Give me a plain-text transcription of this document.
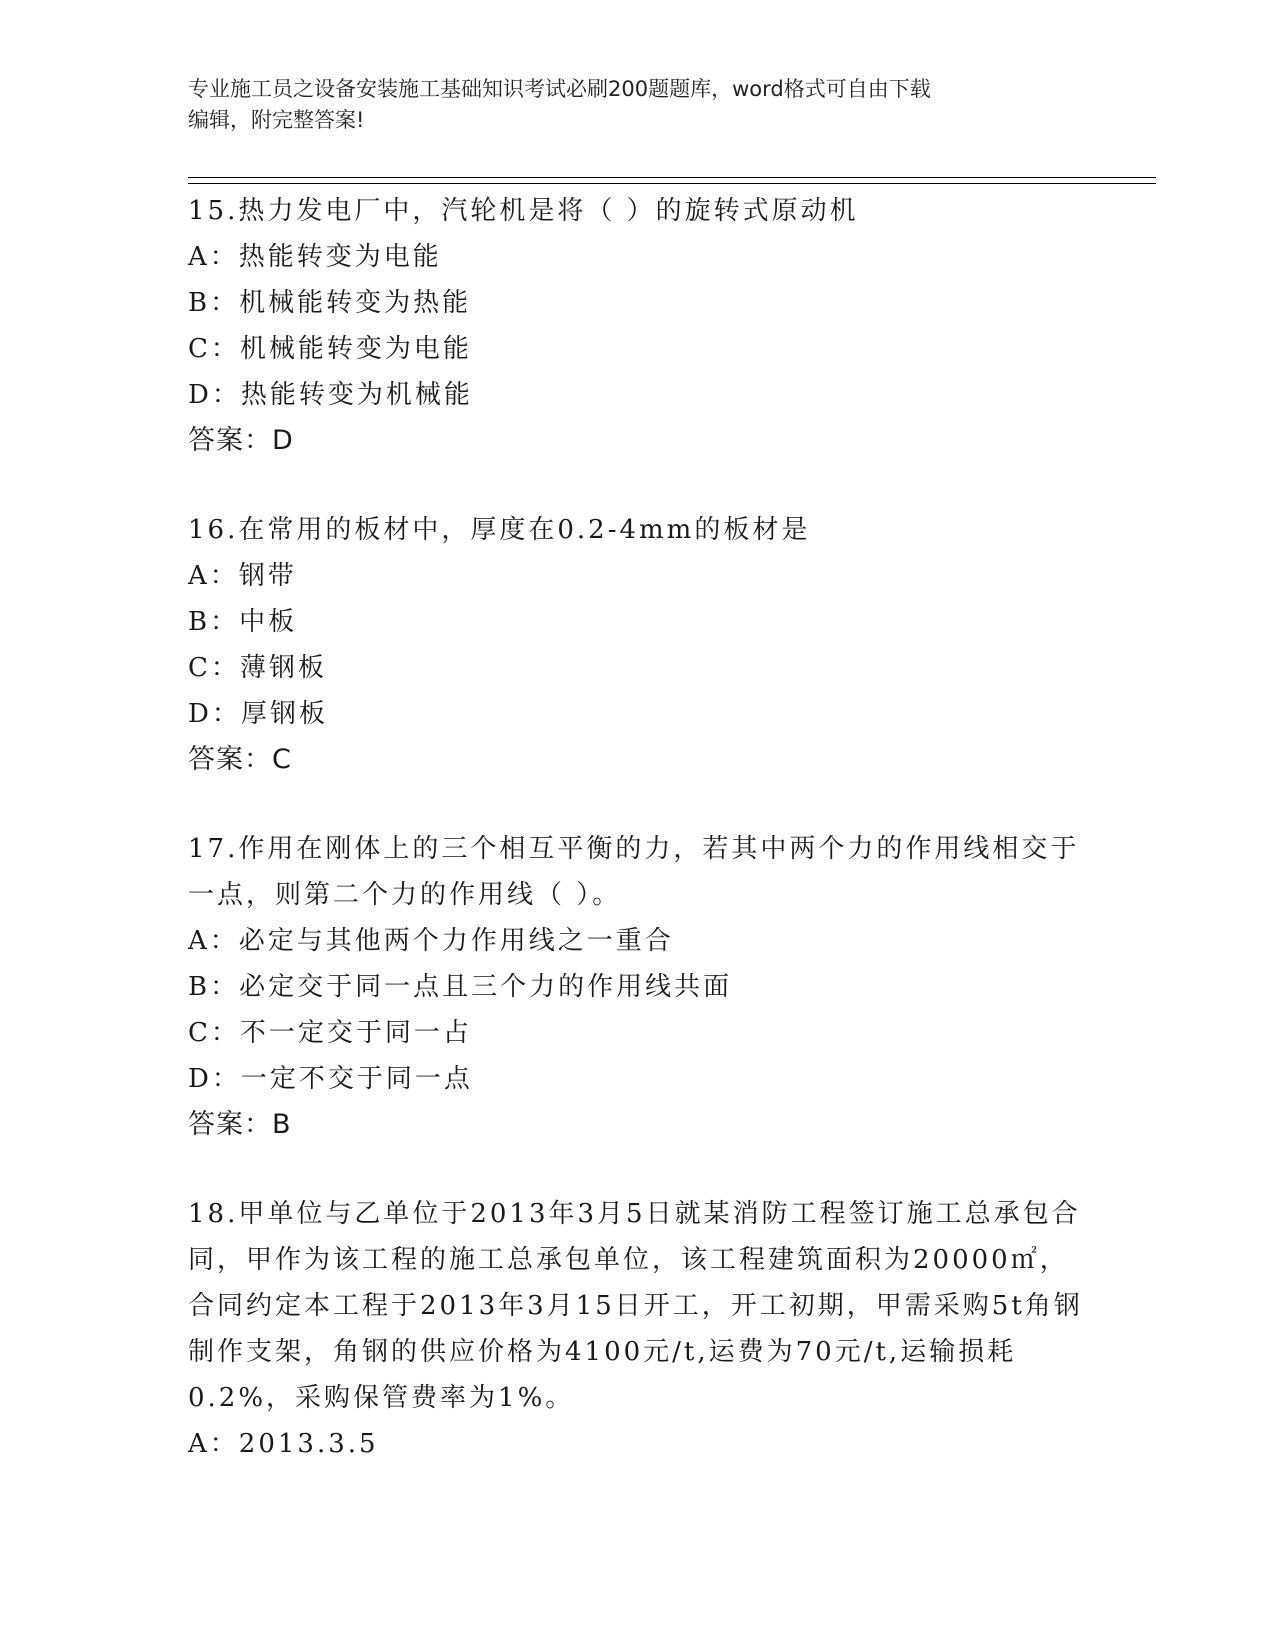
专业施工员之设备安装施工基础知识考试必刷200题题库，word格式可自由下载
编辑，附完整答案!
15.热力发电厂中，汽轮机是将（ ）的旋转式原动机
A：热能转变为电能
B：机械能转变为热能
C：机械能转变为电能
D：热能转变为机械能
答案：D
16.在常用的板材中，厚度在0.2-4mm的板材是
A：钢带
B：中板
C：薄钢板
D：厚钢板
答案：C
17.作用在刚体上的三个相互平衡的力，若其中两个力的作用线相交于一点，则第二个力的作用线（ ）。
A：必定与其他两个力作用线之一重合
B：必定交于同一点且三个力的作用线共面
C：不一定交于同一占
D：一定不交于同一点
答案：B
18.甲单位与乙单位于2013年3月5日就某消防工程签订施工总承包合同，甲作为该工程的施工总承包单位，该工程建筑面积为20000㎡，合同约定本工程于2013年3月15日开工，开工初期，甲需采购5t角钢制作支架，角钢的供应价格为4100元/t,运费为70元/t,运输损耗0.2%，采购保管费率为1%。
A：2013.3.5
